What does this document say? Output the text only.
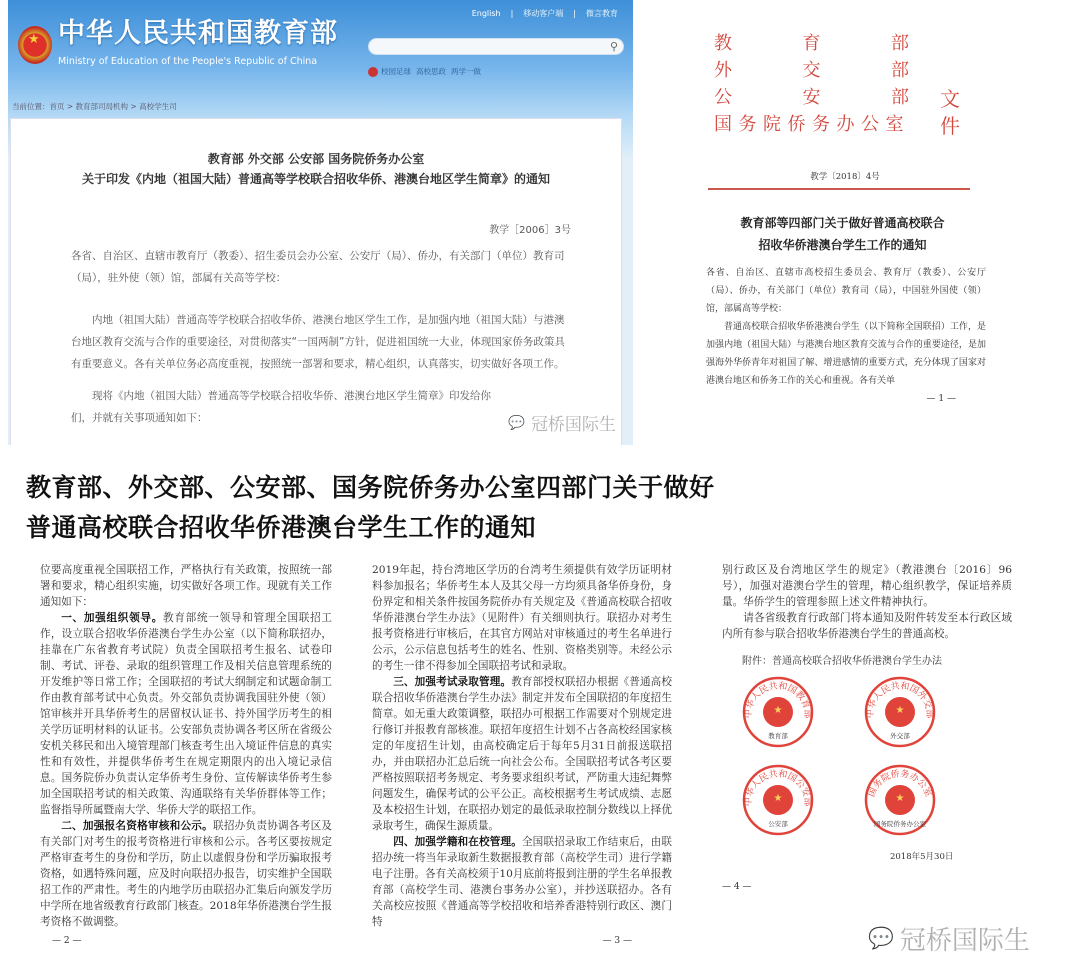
★
中华人民共和国教育部
Ministry of Education of the People's Republic of China
English | 移动客户端 | 微言教育
⚲
校园足球 高校思政 两学一做
当前位置：首页 > 教育部司局机构 > 高校学生司
教育部 外交部 公安部 国务院侨务办公室
关于印发《内地（祖国大陆）普通高等学校联合招收华侨、港澳台地区学生简章》的通知
教学［2006］3号
各省、自治区、直辖市教育厅（教委）、招生委员会办公室、公安厅（局）、侨办，有关部门（单位）教育司（局），驻外使（领）馆，部属有关高等学校：
内地（祖国大陆）普通高等学校联合招收华侨、港澳台地区学生工作，是加强内地（祖国大陆）与港澳台地区教育交流与合作的重要途径，对贯彻落实“一国两制”方针，促进祖国统一大业，体现国家侨务政策具有重要意义。各有关单位务必高度重视，按照统一部署和要求，精心组织，认真落实，切实做好各项工作。
现将《内地（祖国大陆）普通高等学校联合招收华侨、港澳台地区学生简章》印发给你们，并就有关事项通知如下：	💬 冠桥国际生
教	育	部
外	交	部
公	安	部
国务院侨务办公室
文件
教学〔2018〕4号
教育部等四部门关于做好普通高校联合
招收华侨港澳台学生工作的通知
各省、自治区、直辖市高校招生委员会、教育厅（教委）、公安厅（局）、侨办，有关部门（单位）教育司（局），中国驻外国使（领）馆，部属高等学校：
普通高校联合招收华侨港澳台学生（以下简称全国联招）工作，是加强内地（祖国大陆）与港澳台地区教育交流与合作的重要途径，是加强海外华侨青年对祖国了解、增进感情的重要方式，充分体现了国家对港澳台地区和侨务工作的关心和重视。各有关单
— 1 —
教育部、外交部、公安部、国务院侨务办公室四部门关于做好
普通高校联合招收华侨港澳台学生工作的通知

位要高度重视全国联招工作，严格执行有关政策，按照统一部署和要求，精心组织实施，切实做好各项工作。现就有关工作通知如下：

一、加强组织领导。教育部统一领导和管理全国联招工作，设立联合招收华侨港澳台学生办公室（以下简称联招办，挂靠在广东省教育考试院）负责全国联招考生报名、试卷印制、考试、评卷、录取的组织管理工作及相关信息管理系统的开发维护等日常工作；全国联招的考试大纲制定和试题命制工作由教育部考试中心负责。外交部负责协调我国驻外使（领）馆审核并开具华侨考生的居留权认证书、持外国学历考生的相关学历证明材料的认证书。公安部负责协调各考区所在省级公安机关移民和出入境管理部门核查考生出入境证件信息的真实性和有效性，并提供华侨考生在规定期限内的出入境记录信息。国务院侨办负责认定华侨考生身份、宣传解读华侨考生参加全国联招考试的相关政策、沟通联络有关华侨群体等工作；监督指导所属暨南大学、华侨大学的联招工作。

二、加强报名资格审核和公示。联招办负责协调各考区及有关部门对考生的报考资格进行审核和公示。各考区要按规定严格审查考生的身份和学历，防止以虚假身份和学历骗取报考资格，如遇特殊问题，应及时向联招办报告，切实维护全国联招工作的严肃性。考生的内地学历由联招办汇集后向颁发学历中学所在地省级教育行政部门核查。2018年华侨港澳台学生报考资格不做调整。

— 2 —

2019年起，持台湾地区学历的台湾考生须提供有效学历证明材料参加报名；华侨考生本人及其父母一方均须具备华侨身份，身份界定和相关条件按国务院侨办有关规定及《普通高校联合招收华侨港澳台学生办法》（见附件）有关细则执行。联招办对考生报考资格进行审核后，在其官方网站对审核通过的考生名单进行公示，公示信息包括考生的姓名、性别、资格类别等。未经公示的考生一律不得参加全国联招考试和录取。

三、加强考试录取管理。教育部授权联招办根据《普通高校联合招收华侨港澳台学生办法》制定并发布全国联招的年度招生简章。如无重大政策调整，联招办可根据工作需要对个别规定进行修订并报教育部核准。联招年度招生计划不占各高校经国家核定的年度招生计划，由高校确定后于每年5月31日前报送联招办，并由联招办汇总后统一向社会公布。全国联招考试各考区要严格按照联招考务规定、考务要求组织考试，严防重大违纪舞弊问题发生，确保考试的公平公正。高校根据考生考试成绩、志愿及本校招生计划，在联招办划定的最低录取控制分数线以上择优录取考生，确保生源质量。

四、加强学籍和在校管理。全国联招录取工作结束后，由联招办统一将当年录取新生数据报教育部（高校学生司）进行学籍电子注册。各有关高校须于10月底前将报到注册的学生名单报教育部（高校学生司、港澳台事务办公室），并抄送联招办。各有关高校应按照《普通高等学校招收和培养香港特别行政区、澳门特

— 3 —

别行政区及台湾地区学生的规定》（教港澳台〔2016〕96号），加强对港澳台学生的管理，精心组织教学，保证培养质量。华侨学生的管理参照上述文件精神执行。

请各省级教育行政部门将本通知及附件转发至本行政区域内所有参与联合招收华侨港澳台学生的普通高校。

附件：普通高校联合招收华侨港澳台学生办法

中华人民共和国教育部
★
教育部
中华人民共和国外交部
★
外交部
中华人民共和国公安部
★
公安部
国务院侨务办公室
★
国务院侨务办公室
2018年5月30日
— 4 —
💬 冠桥国际生
